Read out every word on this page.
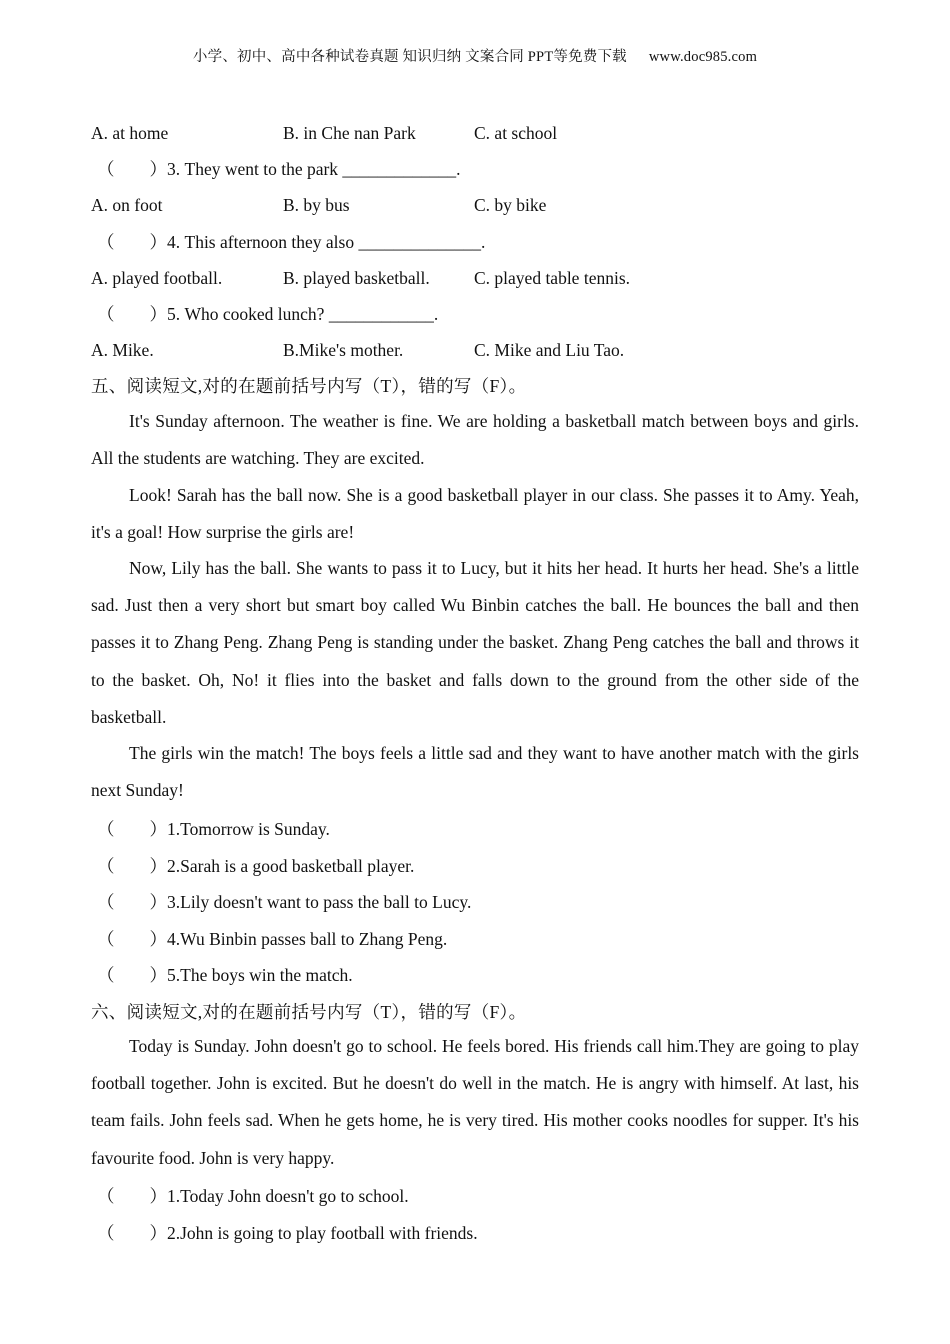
小学、初中、高中各种试卷真题 知识归纳 文案合同 PPT等免费下载 www.doc985.com
A. at home	B. in Che nan Park	C. at school
（　　）3. They went to the park _____________.
A. on foot	B. by bus	C. by bike
（　　）4. This afternoon they also ______________.
A. played football.	B. played basketball.	C. played table tennis.
（　　）5. Who cooked lunch? ____________.
A. Mike.	B.Mike's mother.	C. Mike and Liu Tao.
五、阅读短文,对的在题前括号内写（T），错的写（F）。
It's Sunday afternoon. The weather is fine. We are holding a basketball match between boys and girls. All the students are watching. They are excited.
Look! Sarah has the ball now. She is a good basketball player in our class. She passes it to Amy. Yeah, it's a goal! How surprise the girls are!
Now, Lily has the ball. She wants to pass it to Lucy, but it hits her head. It hurts her head. She's a little sad. Just then a very short but smart boy called Wu Binbin catches the ball. He bounces the ball and then passes it to Zhang Peng. Zhang Peng is standing under the basket. Zhang Peng catches the ball and throws it to the basket. Oh, No! it flies into the basket and falls down to the ground from the other side of the basketball.
The girls win the match! The boys feels a little sad and they want to have another match with the girls next Sunday!
（　　）1.Tomorrow is Sunday.
（　　）2.Sarah is a good basketball player.
（　　）3.Lily doesn't want to pass the ball to Lucy.
（　　）4.Wu Binbin passes ball to Zhang Peng.
（　　）5.The boys win the match.
六、阅读短文,对的在题前括号内写（T），错的写（F）。
Today is Sunday. John doesn't go to school. He feels bored. His friends call him.They are going to play football together. John is excited. But he doesn't do well in the match. He is angry with himself. At last, his team fails. John feels sad. When he gets home, he is very tired. His mother cooks noodles for supper. It's his favourite food. John is very happy.
（　　）1.Today John doesn't go to school.
（　　）2.John is going to play football with friends.
